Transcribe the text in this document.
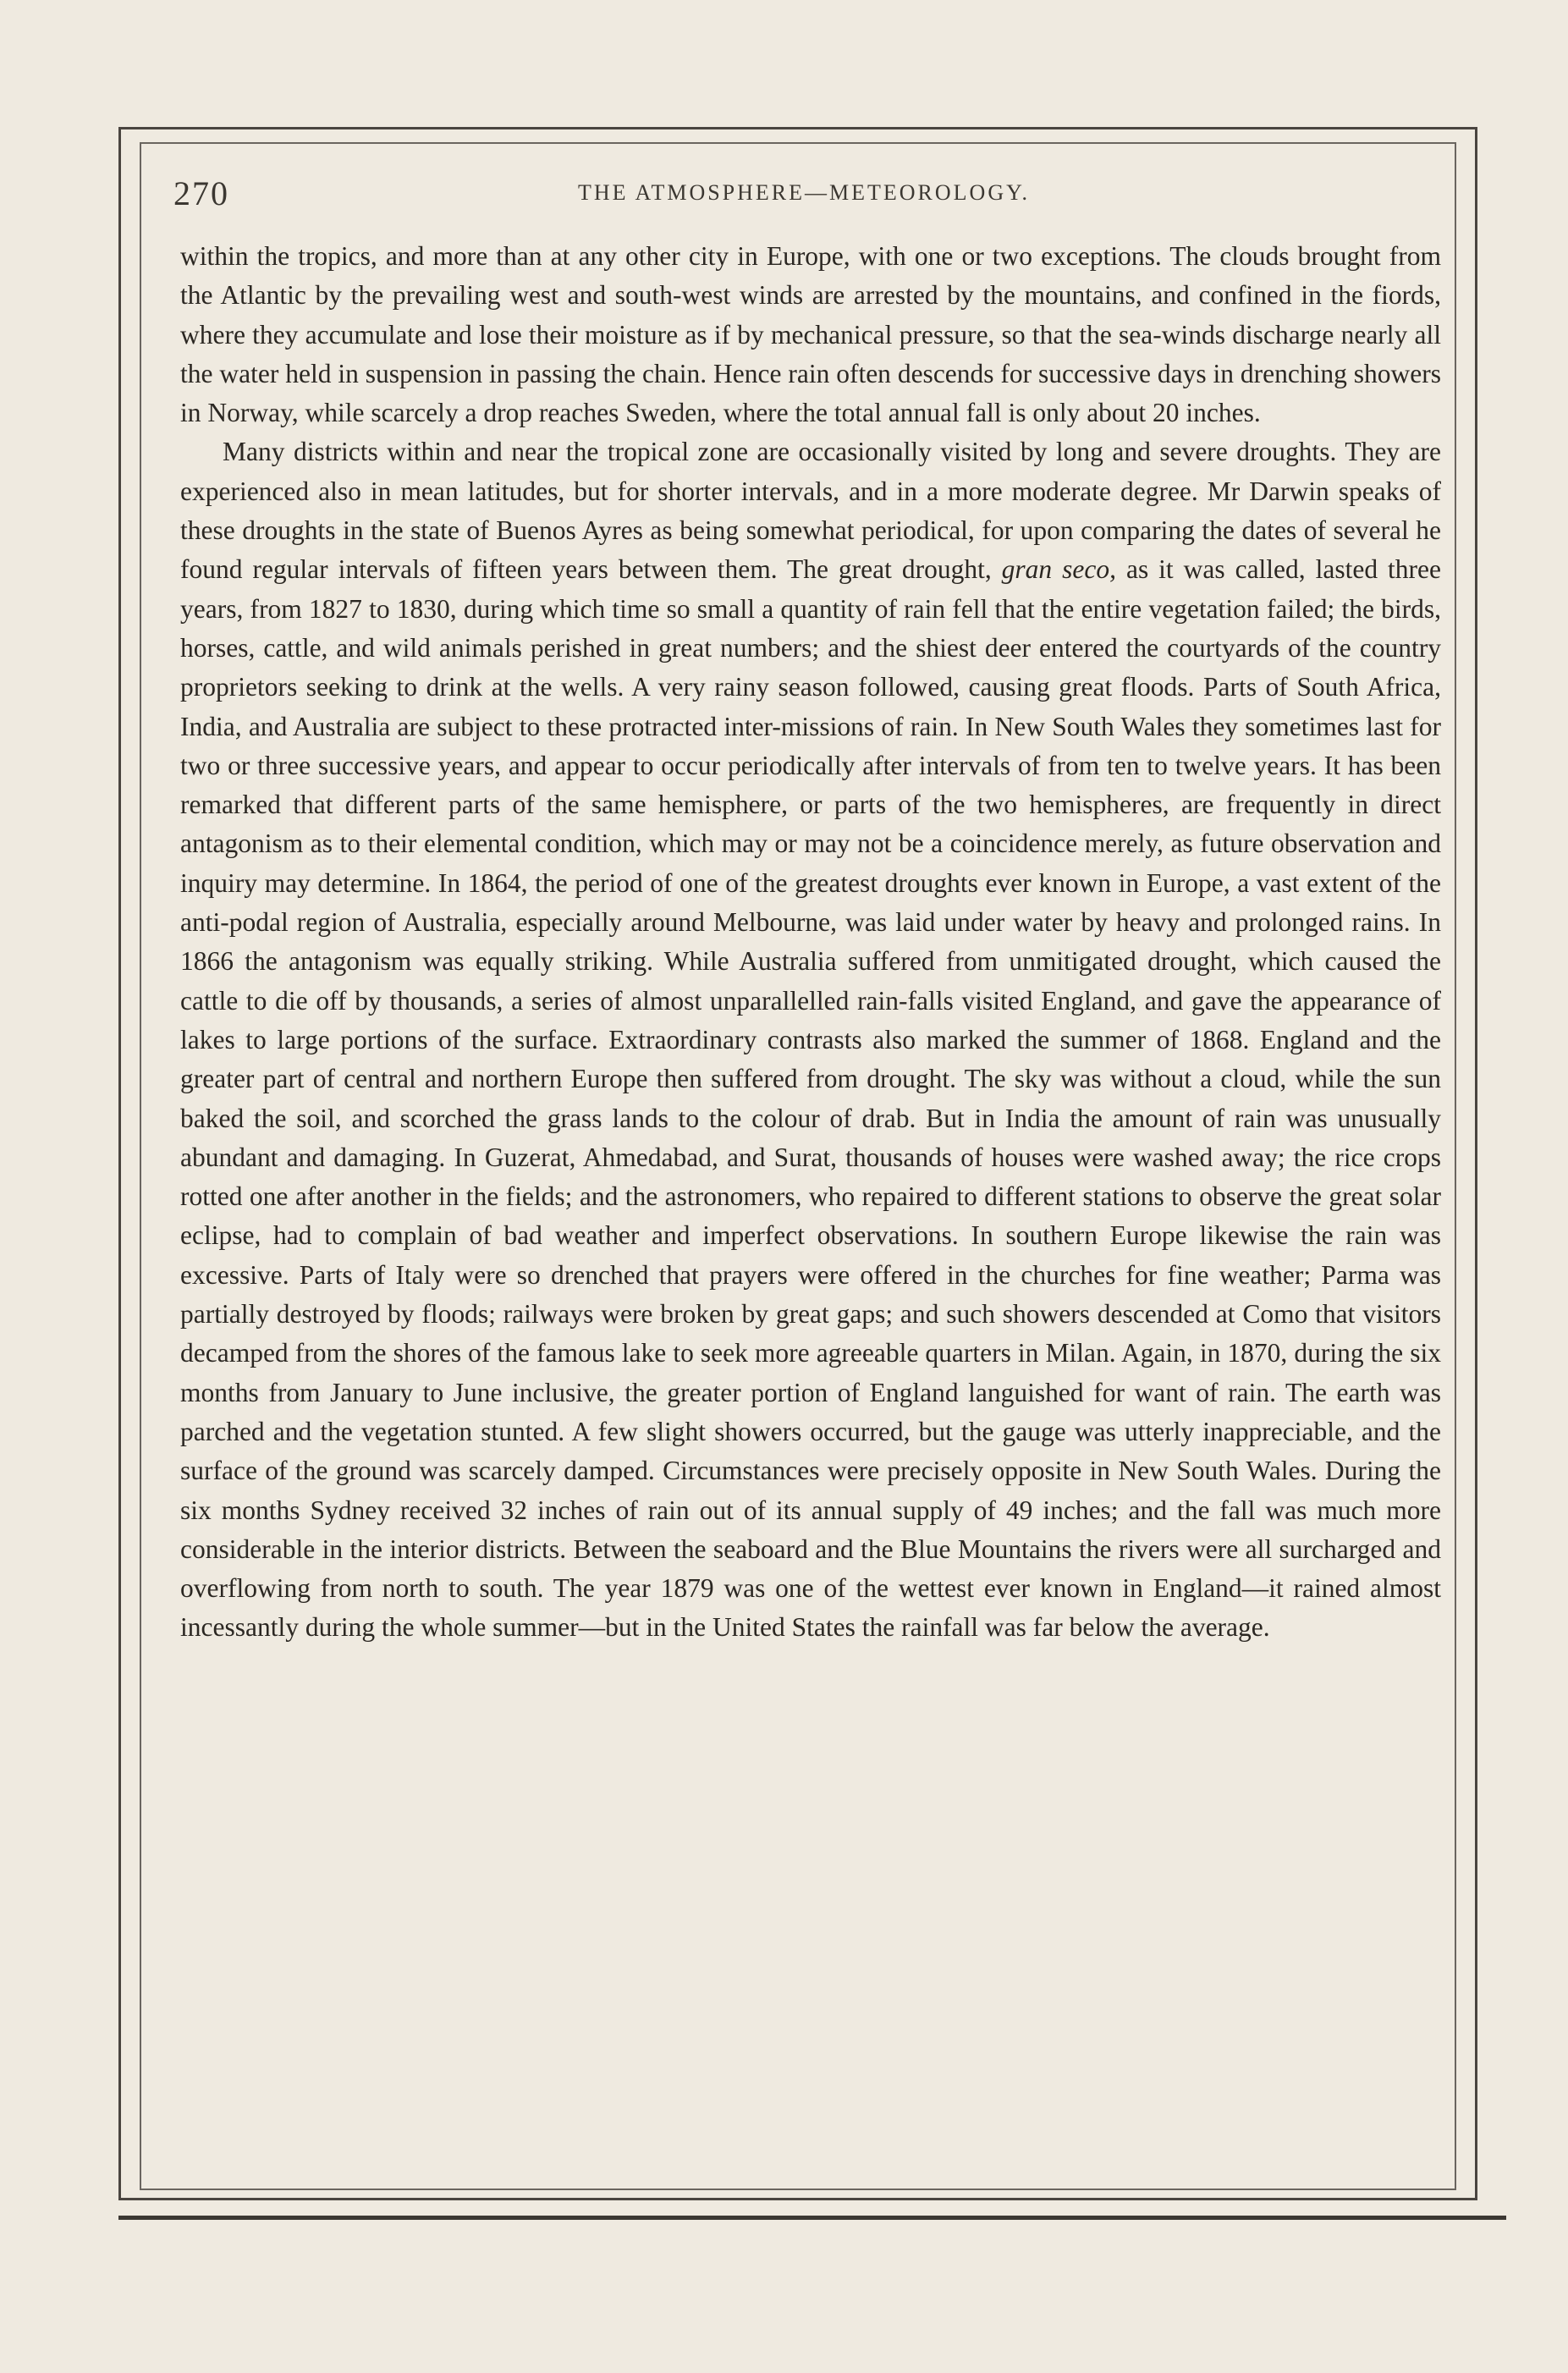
270	THE ATMOSPHERE—METEOROLOGY.

within the tropics, and more than at any other city in Europe, with one or two exceptions. The clouds brought from the Atlantic by the prevailing west and south-west winds are arrested by the mountains, and confined in the fiords, where they accumulate and lose their moisture as if by mechanical pressure, so that the sea-winds discharge nearly all the water held in suspension in passing the chain. Hence rain often descends for successive days in drenching showers in Norway, while scarcely a drop reaches Sweden, where the total annual fall is only about 20 inches.

Many districts within and near the tropical zone are occasionally visited by long and severe droughts. They are experienced also in mean latitudes, but for shorter intervals, and in a more moderate degree. Mr Darwin speaks of these droughts in the state of Buenos Ayres as being somewhat periodical, for upon comparing the dates of several he found regular intervals of fifteen years between them. The great drought, gran seco, as it was called, lasted three years, from 1827 to 1830, during which time so small a quantity of rain fell that the entire vegetation failed; the birds, horses, cattle, and wild animals perished in great numbers; and the shiest deer entered the courtyards of the country proprietors seeking to drink at the wells. A very rainy season followed, causing great floods. Parts of South Africa, India, and Australia are subject to these protracted inter-missions of rain. In New South Wales they sometimes last for two or three successive years, and appear to occur periodically after intervals of from ten to twelve years. It has been remarked that different parts of the same hemisphere, or parts of the two hemispheres, are frequently in direct antagonism as to their elemental condition, which may or may not be a coincidence merely, as future observation and inquiry may determine. In 1864, the period of one of the greatest droughts ever known in Europe, a vast extent of the anti-podal region of Australia, especially around Melbourne, was laid under water by heavy and prolonged rains. In 1866 the antagonism was equally striking. While Australia suffered from unmitigated drought, which caused the cattle to die off by thousands, a series of almost unparallelled rain-falls visited England, and gave the appearance of lakes to large portions of the surface. Extraordinary contrasts also marked the summer of 1868. England and the greater part of central and northern Europe then suffered from drought. The sky was without a cloud, while the sun baked the soil, and scorched the grass lands to the colour of drab. But in India the amount of rain was unusually abundant and damaging. In Guzerat, Ahmedabad, and Surat, thousands of houses were washed away; the rice crops rotted one after another in the fields; and the astronomers, who repaired to different stations to observe the great solar eclipse, had to complain of bad weather and imperfect observations. In southern Europe likewise the rain was excessive. Parts of Italy were so drenched that prayers were offered in the churches for fine weather; Parma was partially destroyed by floods; railways were broken by great gaps; and such showers descended at Como that visitors decamped from the shores of the famous lake to seek more agreeable quarters in Milan. Again, in 1870, during the six months from January to June inclusive, the greater portion of England languished for want of rain. The earth was parched and the vegetation stunted. A few slight showers occurred, but the gauge was utterly inappreciable, and the surface of the ground was scarcely damped. Circumstances were precisely opposite in New South Wales. During the six months Sydney received 32 inches of rain out of its annual supply of 49 inches; and the fall was much more considerable in the interior districts. Between the seaboard and the Blue Mountains the rivers were all surcharged and overflowing from north to south. The year 1879 was one of the wettest ever known in England—it rained almost incessantly during the whole summer—but in the United States the rainfall was far below the average.
